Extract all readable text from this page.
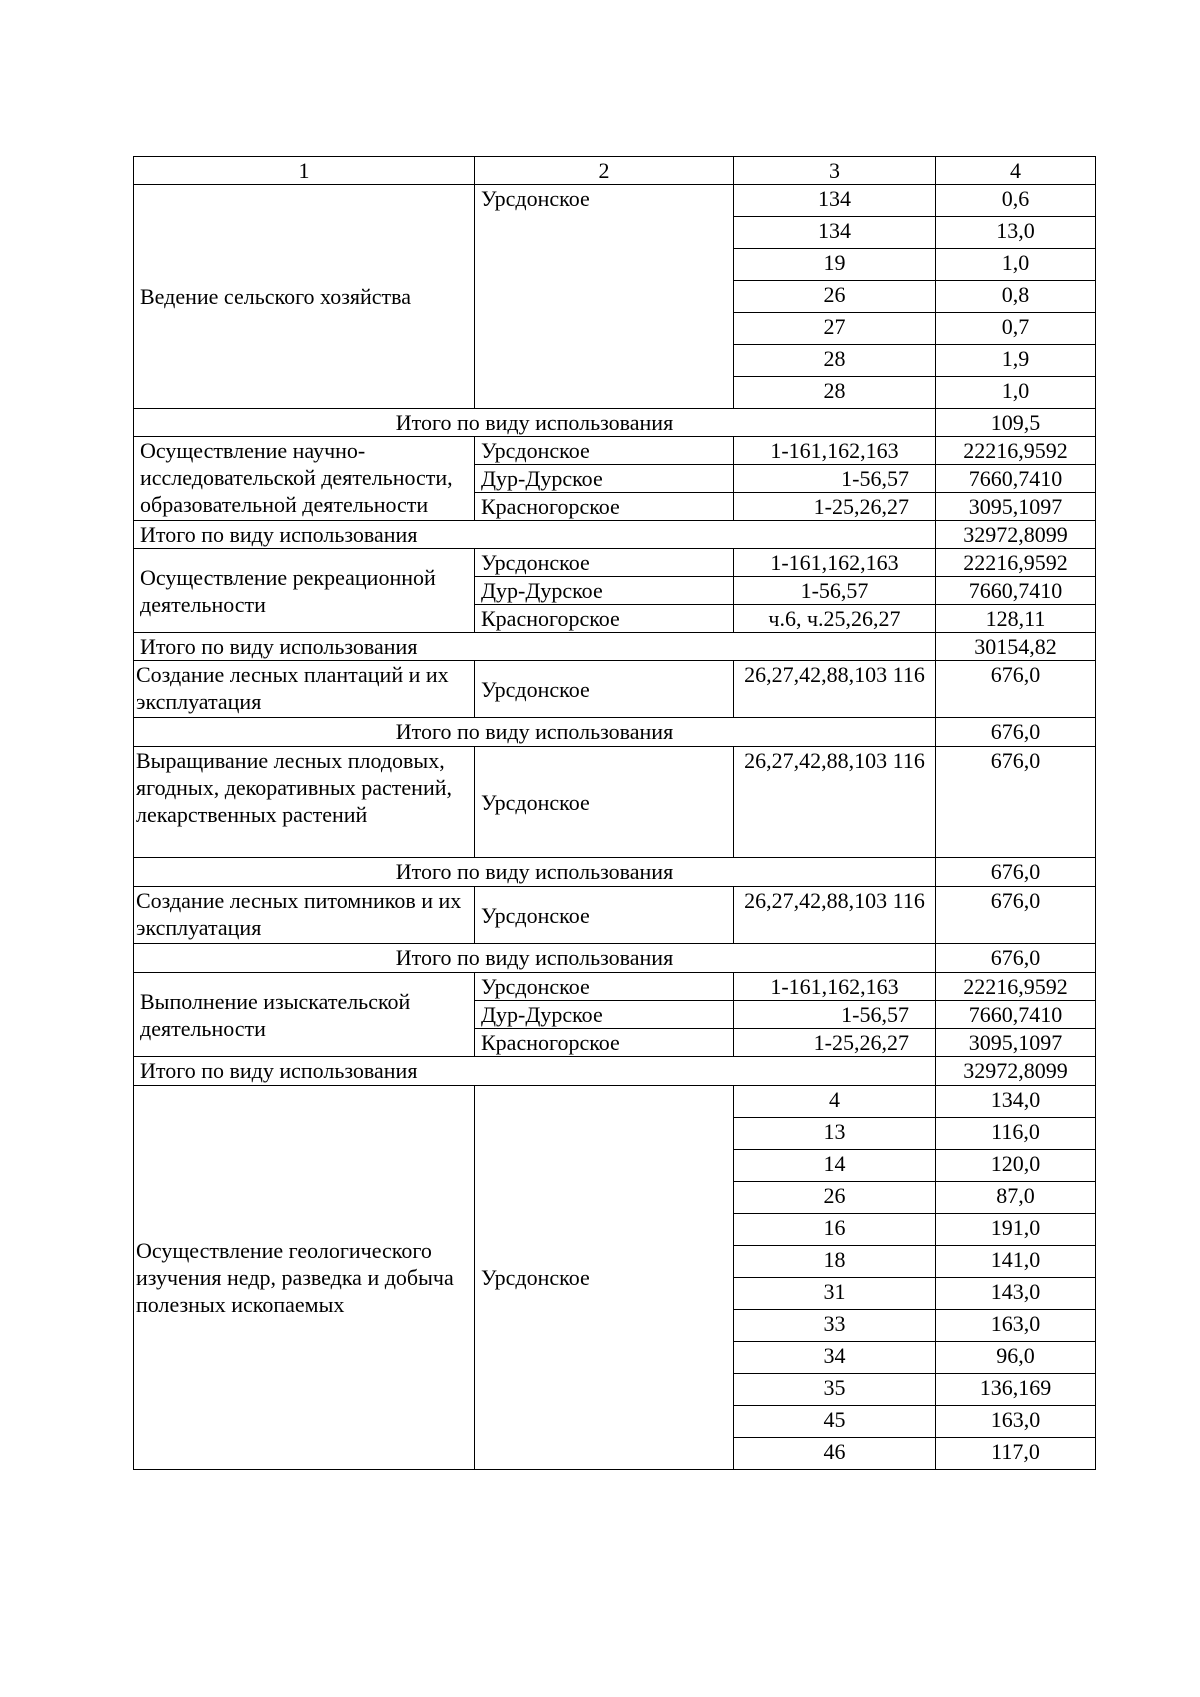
1	2	3	4
Ведение сельского хозяйства	Урсдонское	134	0,6
		134	13,0
		19	1,0
		26	0,8
		27	0,7
		28	1,9
		28	1,0
Итого по виду использования			109,5
Осуществление научно-исследовательской деятельности, образовательной деятельности	Урсдонское	1-161,162,163	22216,9592
	Дур-Дурское	1-56,57	7660,7410
	Красногорское	1-25,26,27	3095,1097

Итого по виду использования			32972,8099
Осуществление рекреационной деятельности	Урсдонское	1-161,162,163	22216,9592
	Дур-Дурское	1-56,57	7660,7410
	Красногорское	ч.6, ч.25,26,27	128,11
Итого по виду использования			30154,82
Создание лесных плантаций и их эксплуатация	Урсдонское	26,27,42,88,103 116	676,0
Итого по виду использования			676,0
Выращивание лесных плодовых, ягодных, декоративных растений, лекарственных растений	Урсдонское	26,27,42,88,103 116	676,0
Итого по виду использования			676,0
Создание лесных питомников и их эксплуатация	Урсдонское	26,27,42,88,103 116	676,0
Итого по виду использования			676,0
Выполнение изыскательской деятельности	Урсдонское	1-161,162,163	22216,9592
	Дур-Дурское	1-56,57	7660,7410
	Красногорское	1-25,26,27	3095,1097
Итого по виду использования			32972,8099
Осуществление геологического изучения недр, разведка и добыча полезных ископаемых	Урсдонское	4	134,0
		13	116,0
		14	120,0
		26	87,0
		16	191,0
		18	141,0
		31	143,0
		33	163,0
		34	96,0
		35	136,169
		45	163,0
		46	117,0
